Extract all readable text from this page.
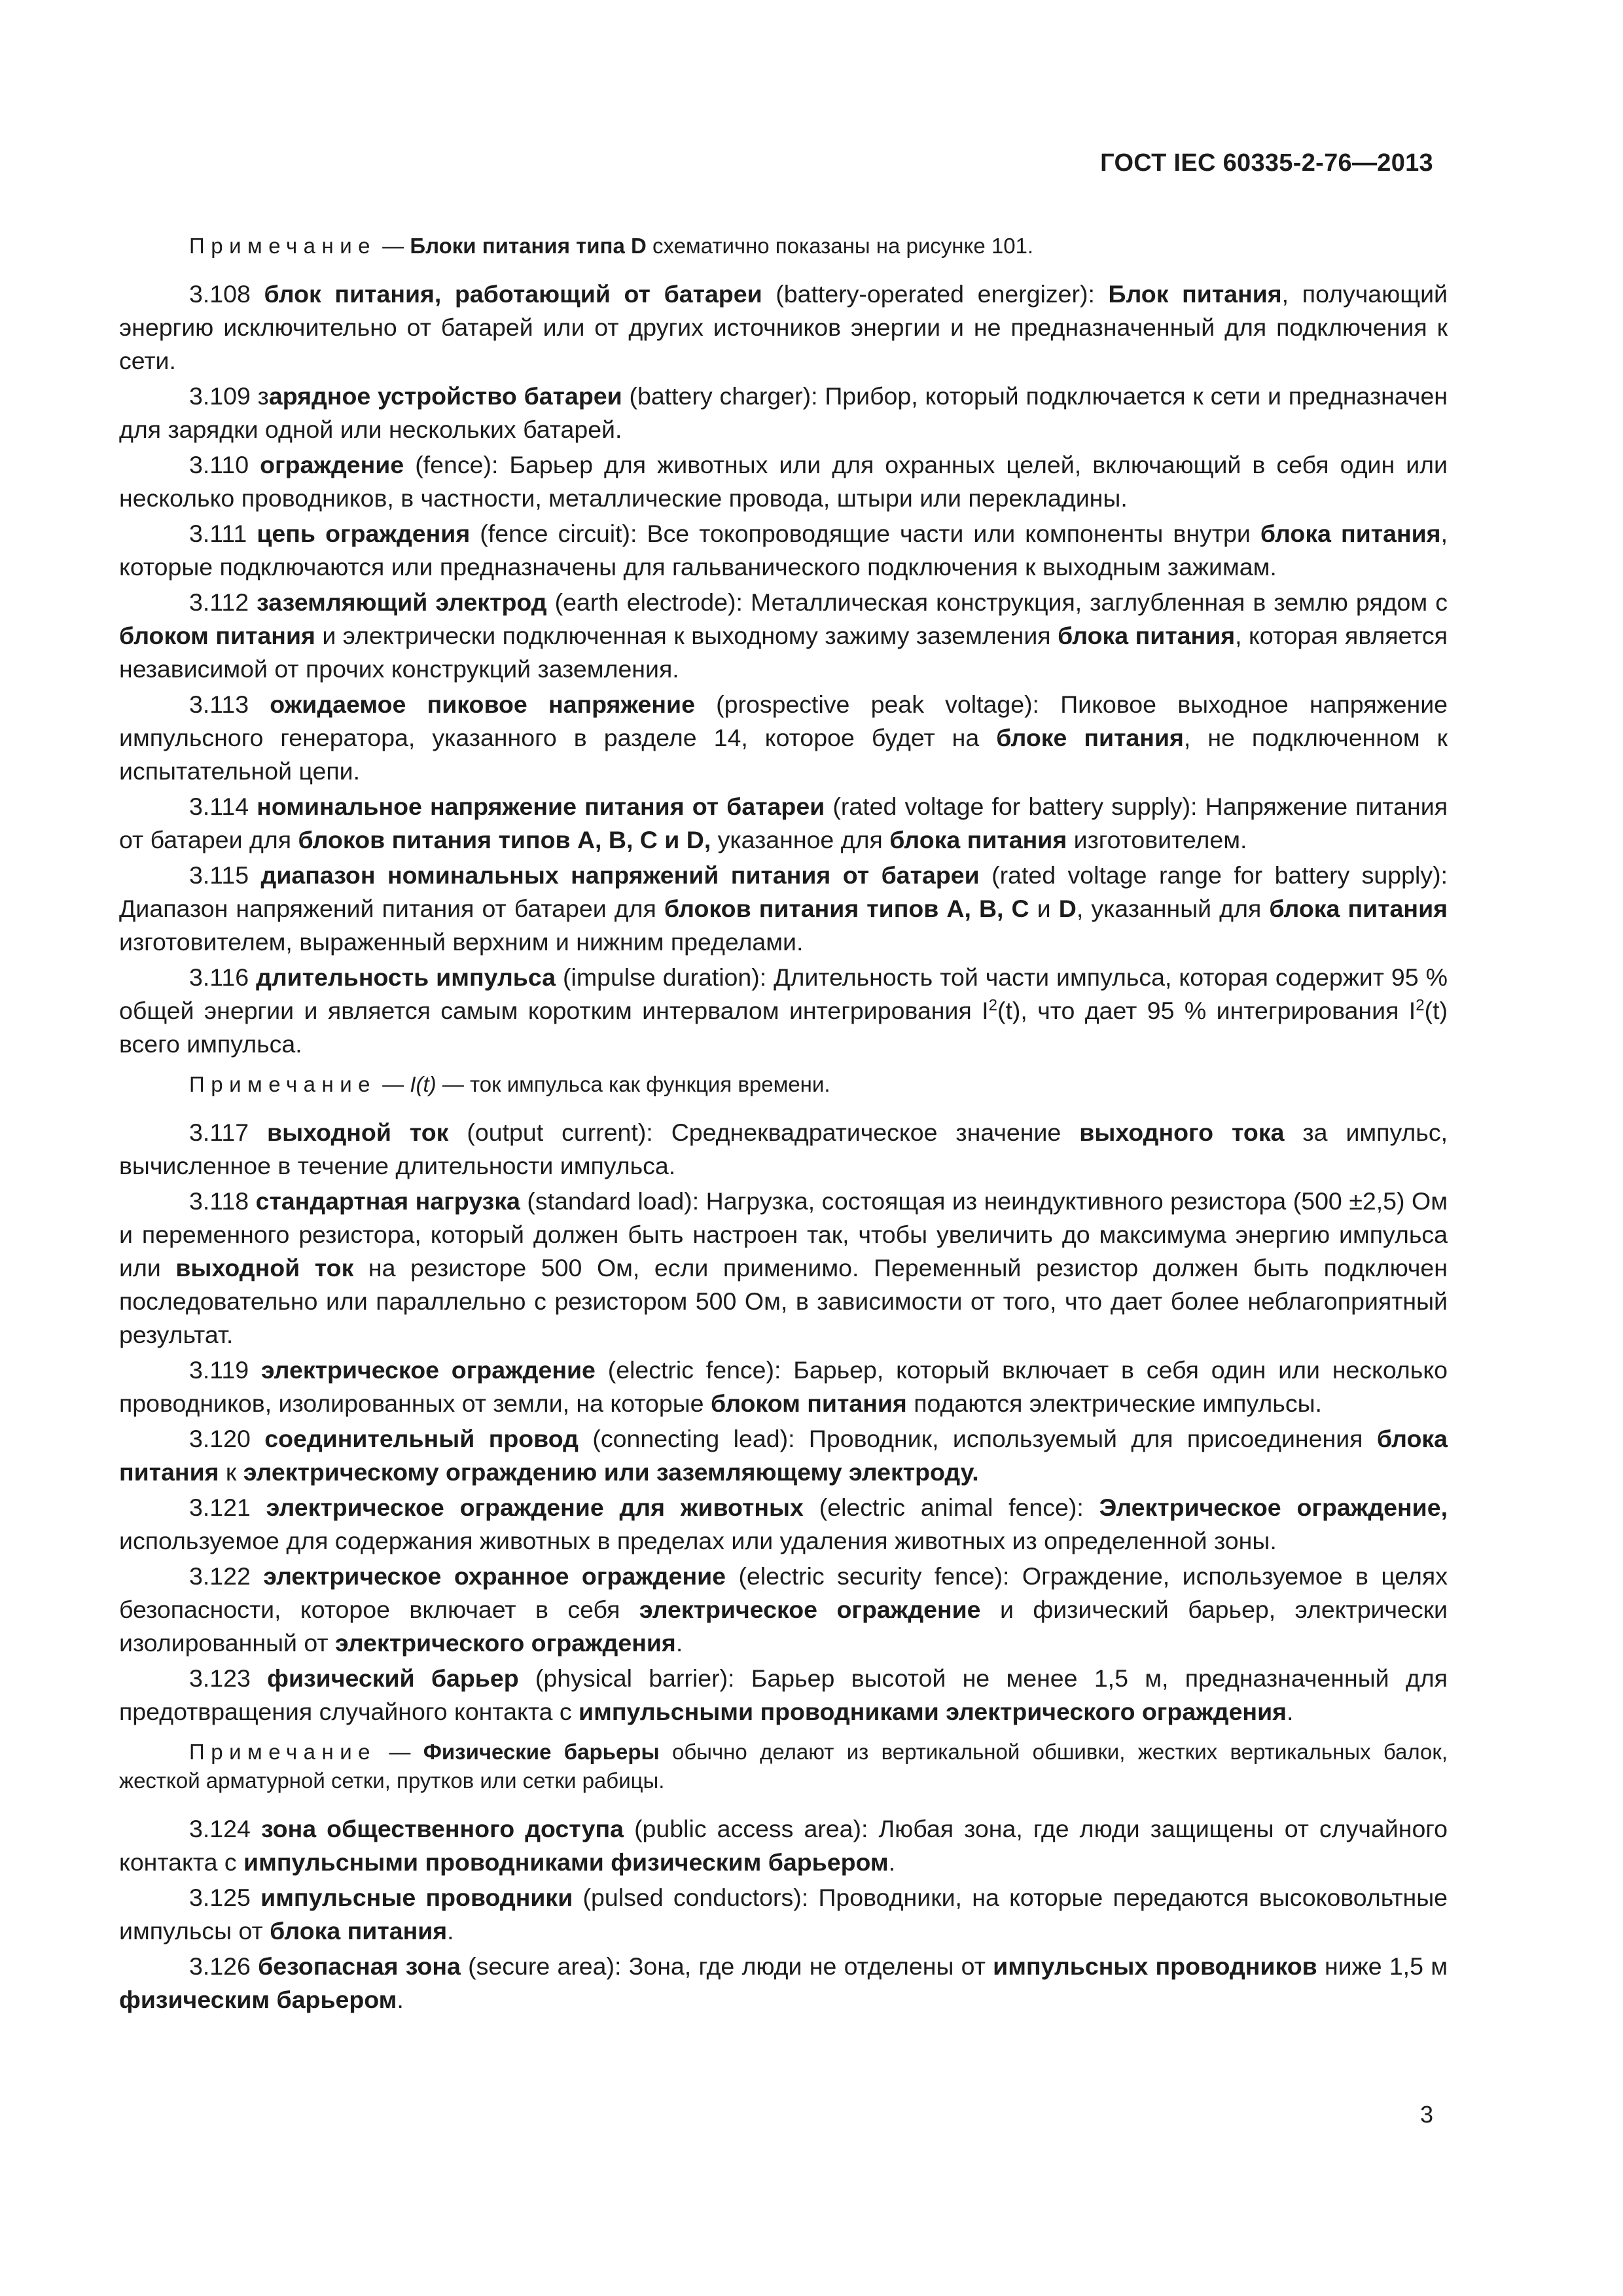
ГОСТ IEC 60335-2-76—2013

Примечание — Блоки питания типа D схематично показаны на рисунке 101.

3.108 блок питания, работающий от батареи (battery-operated energizer): Блок питания, получающий энергию исключительно от батарей или от других источников энергии и не предназначенный для подключения к сети.

3.109 зарядное устройство батареи (battery charger): Прибор, который подключается к сети и предназначен для зарядки одной или нескольких батарей.

3.110 ограждение (fence): Барьер для животных или для охранных целей, включающий в себя один или несколько проводников, в частности, металлические провода, штыри или перекладины.

3.111 цепь ограждения (fence circuit): Все токопроводящие части или компоненты внутри блока питания, которые подключаются или предназначены для гальванического подключения к выходным зажимам.

3.112 заземляющий электрод (earth electrode): Металлическая конструкция, заглубленная в землю рядом с блоком питания и электрически подключенная к выходному зажиму заземления блока питания, которая является независимой от прочих конструкций заземления.

3.113 ожидаемое пиковое напряжение (prospective peak voltage): Пиковое выходное напряжение импульсного генератора, указанного в разделе 14, которое будет на блоке питания, не подключенном к испытательной цепи.

3.114 номинальное напряжение питания от батареи (rated voltage for battery supply): Напряжение питания от батареи для блоков питания типов А, В, С и D, указанное для блока питания изготовителем.

3.115 диапазон номинальных напряжений питания от батареи (rated voltage range for battery supply): Диапазон напряжений питания от батареи для блоков питания типов А, В, С и D, указанный для блока питания изготовителем, выраженный верхним и нижним пределами.

3.116 длительность импульса (impulse duration): Длительность той части импульса, которая содержит 95 % общей энергии и является самым коротким интервалом интегрирования $I^2(t)$, что дает 95 % интегрирования $I^2(t)$ всего импульса.

Примечание — I(t) — ток импульса как функция времени.

3.117 выходной ток (output current): Среднеквадратическое значение выходного тока за импульс, вычисленное в течение длительности импульса.

3.118 стандартная нагрузка (standard load): Нагрузка, состоящая из неиндуктивного резистора (500 ±2,5) Ом и переменного резистора, который должен быть настроен так, чтобы увеличить до максимума энергию импульса или выходной ток на резисторе 500 Ом, если применимо. Переменный резистор должен быть подключен последовательно или параллельно с резистором 500 Ом, в зависимости от того, что дает более неблагоприятный результат.

3.119 электрическое ограждение (electric fence): Барьер, который включает в себя один или несколько проводников, изолированных от земли, на которые блоком питания подаются электрические импульсы.

3.120 соединительный провод (connecting lead): Проводник, используемый для присоединения блока питания к электрическому ограждению или заземляющему электроду.

3.121 электрическое ограждение для животных (electric animal fence): Электрическое ограждение, используемое для содержания животных в пределах или удаления животных из определенной зоны.

3.122 электрическое охранное ограждение (electric security fence): Ограждение, используемое в целях безопасности, которое включает в себя электрическое ограждение и физический барьер, электрически изолированный от электрического ограждения.

3.123 физический барьер (physical barrier): Барьер высотой не менее 1,5 м, предназначенный для предотвращения случайного контакта с импульсными проводниками электрического ограждения.

Примечание — Физические барьеры обычно делают из вертикальной обшивки, жестких вертикальных балок, жесткой арматурной сетки, прутков или сетки рабицы.

3.124 зона общественного доступа (public access area): Любая зона, где люди защищены от случайного контакта с импульсными проводниками физическим барьером.

3.125 импульсные проводники (pulsed conductors): Проводники, на которые передаются высоковольтные импульсы от блока питания.

3.126 безопасная зона (secure area): Зона, где люди не отделены от импульсных проводников ниже 1,5 м физическим барьером.

3
